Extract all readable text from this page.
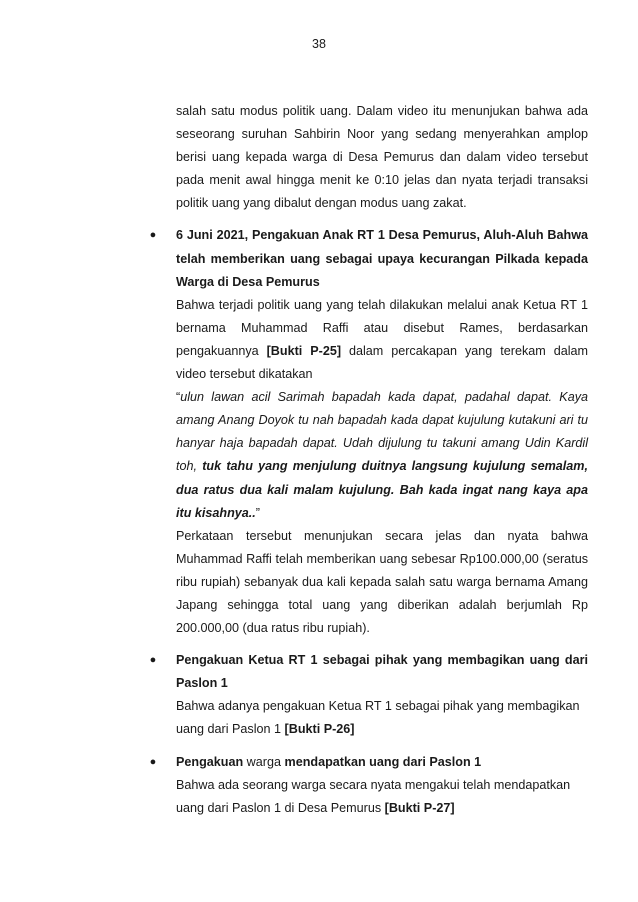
38

salah satu modus politik uang. Dalam video itu menunjukan bahwa ada seseorang suruhan Sahbirin Noor yang sedang menyerahkan amplop berisi uang kepada warga di Desa Pemurus dan dalam video tersebut pada menit awal hingga menit ke 0:10 jelas dan nyata terjadi transaksi politik uang yang dibalut dengan modus uang zakat.

●	6 Juni 2021, Pengakuan Anak RT 1 Desa Pemurus, Aluh-Aluh Bahwa telah memberikan uang sebagai upaya kecurangan Pilkada kepada Warga di Desa Pemurus

Bahwa terjadi politik uang yang telah dilakukan melalui anak Ketua RT 1 bernama Muhammad Raffi atau disebut Rames, berdasarkan pengakuannya [Bukti P-25] dalam percakapan yang terekam dalam video tersebut dikatakan

“ulun lawan acil Sarimah bapadah kada dapat, padahal dapat. Kaya amang Anang Doyok tu nah bapadah kada dapat kujulung kutakuni ari tu hanyar haja bapadah dapat. Udah dijulung tu takuni amang Udin Kardil toh, tuk tahu yang menjulung duitnya langsung kujulung semalam, dua ratus dua kali malam kujulung. Bah kada ingat nang kaya apa itu kisahnya..”

Perkataan tersebut menunjukan secara jelas dan nyata bahwa Muhammad Raffi telah memberikan uang sebesar Rp100.000,00 (seratus ribu rupiah) sebanyak dua kali kepada salah satu warga bernama Amang Japang sehingga total uang yang diberikan adalah berjumlah Rp 200.000,00 (dua ratus ribu rupiah).

●	Pengakuan Ketua RT 1 sebagai pihak yang membagikan uang dari Paslon 1

Bahwa adanya pengakuan Ketua RT 1 sebagai pihak yang membagikan uang dari Paslon 1 [Bukti P-26]

●	Pengakuan warga mendapatkan uang dari Paslon 1

Bahwa ada seorang warga secara nyata mengakui telah mendapatkan uang dari Paslon 1 di Desa Pemurus [Bukti P-27]
